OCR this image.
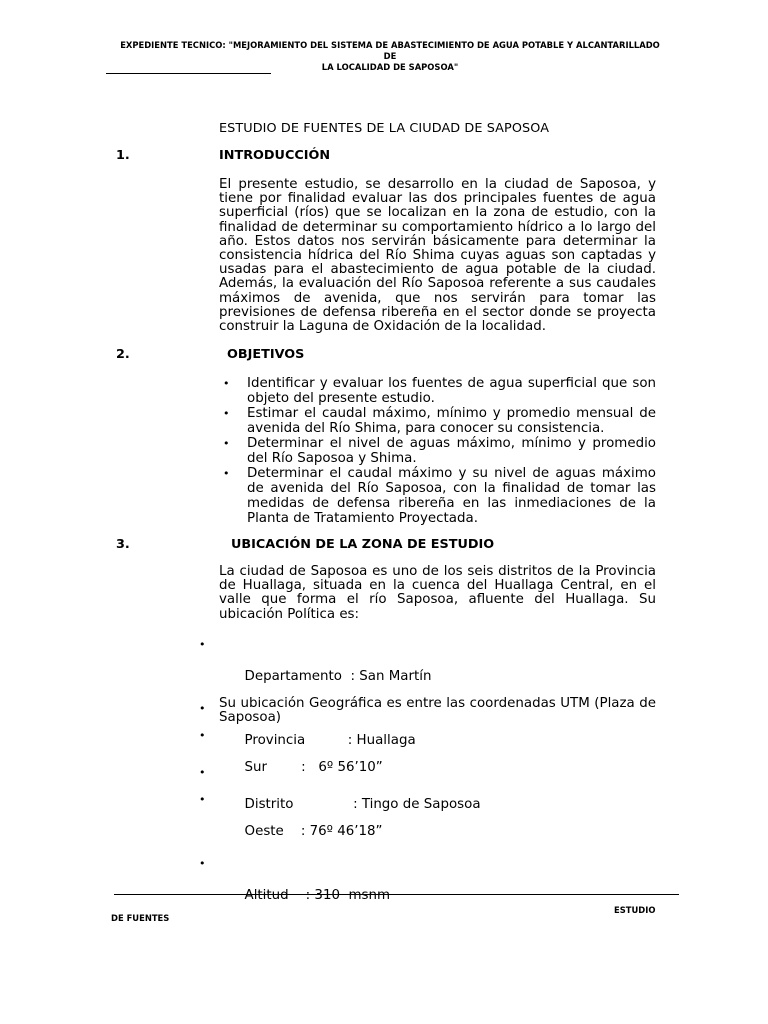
EXPEDIENTE TECNICO: "MEJORAMIENTO DEL SISTEMA DE ABASTECIMIENTO DE AGUA POTABLE Y ALCANTARILLADO DE
LA LOCALIDAD DE SAPOSOA"
ESTUDIO DE FUENTES DE LA CIUDAD DE SAPOSOA
1.	INTRODUCCIÓN

El presente estudio, se desarrollo en la ciudad de Saposoa, y tiene por finalidad evaluar las dos principales fuentes de agua superficial (ríos) que se localizan en la zona de estudio, con la finalidad de determinar su comportamiento hídrico a lo largo del año. Estos datos nos servirán básicamente para determinar la consistencia hídrica del Río Shima cuyas aguas son captadas y usadas para el abastecimiento de agua potable de la ciudad. Además, la evaluación del Río Saposoa referente a sus caudales máximos de avenida, que nos servirán para tomar las previsiones de defensa ribereña en el sector donde se proyecta construir la Laguna de Oxidación de la localidad.

2.	OBJETIVOS
• Identificar y evaluar los fuentes de agua superficial que son objeto del presente estudio.
• Estimar el caudal máximo, mínimo y promedio mensual de avenida del Río Shima, para conocer su consistencia.
• Determinar el nivel de aguas máximo, mínimo y promedio del Río Saposoa y Shima.
• Determinar el caudal máximo y su nivel de aguas máximo de avenida del Río Saposoa, con la finalidad de tomar las medidas de defensa ribereña en las inmediaciones de la Planta de Tratamiento Proyectada.
3.	UBICACIÓN DE LA ZONA DE ESTUDIO

La ciudad de Saposoa es uno de los seis distritos de la Provincia de Huallaga, situada en la cuenca del Huallaga Central, en el valle que forma el río Saposoa, afluente del Huallaga. Su ubicación Política es:

•

Departamento  : San Martín

•

Provincia          : Huallaga

•

Distrito              : Tingo de Saposoa

Su ubicación Geográfica es entre las coordenadas UTM (Plaza de Saposoa)

•

Sur        :   6º 56’10”

•

Oeste    : 76º 46’18”

•

Altitud    : 310  msnm

ESTUDIO
DE FUENTES
